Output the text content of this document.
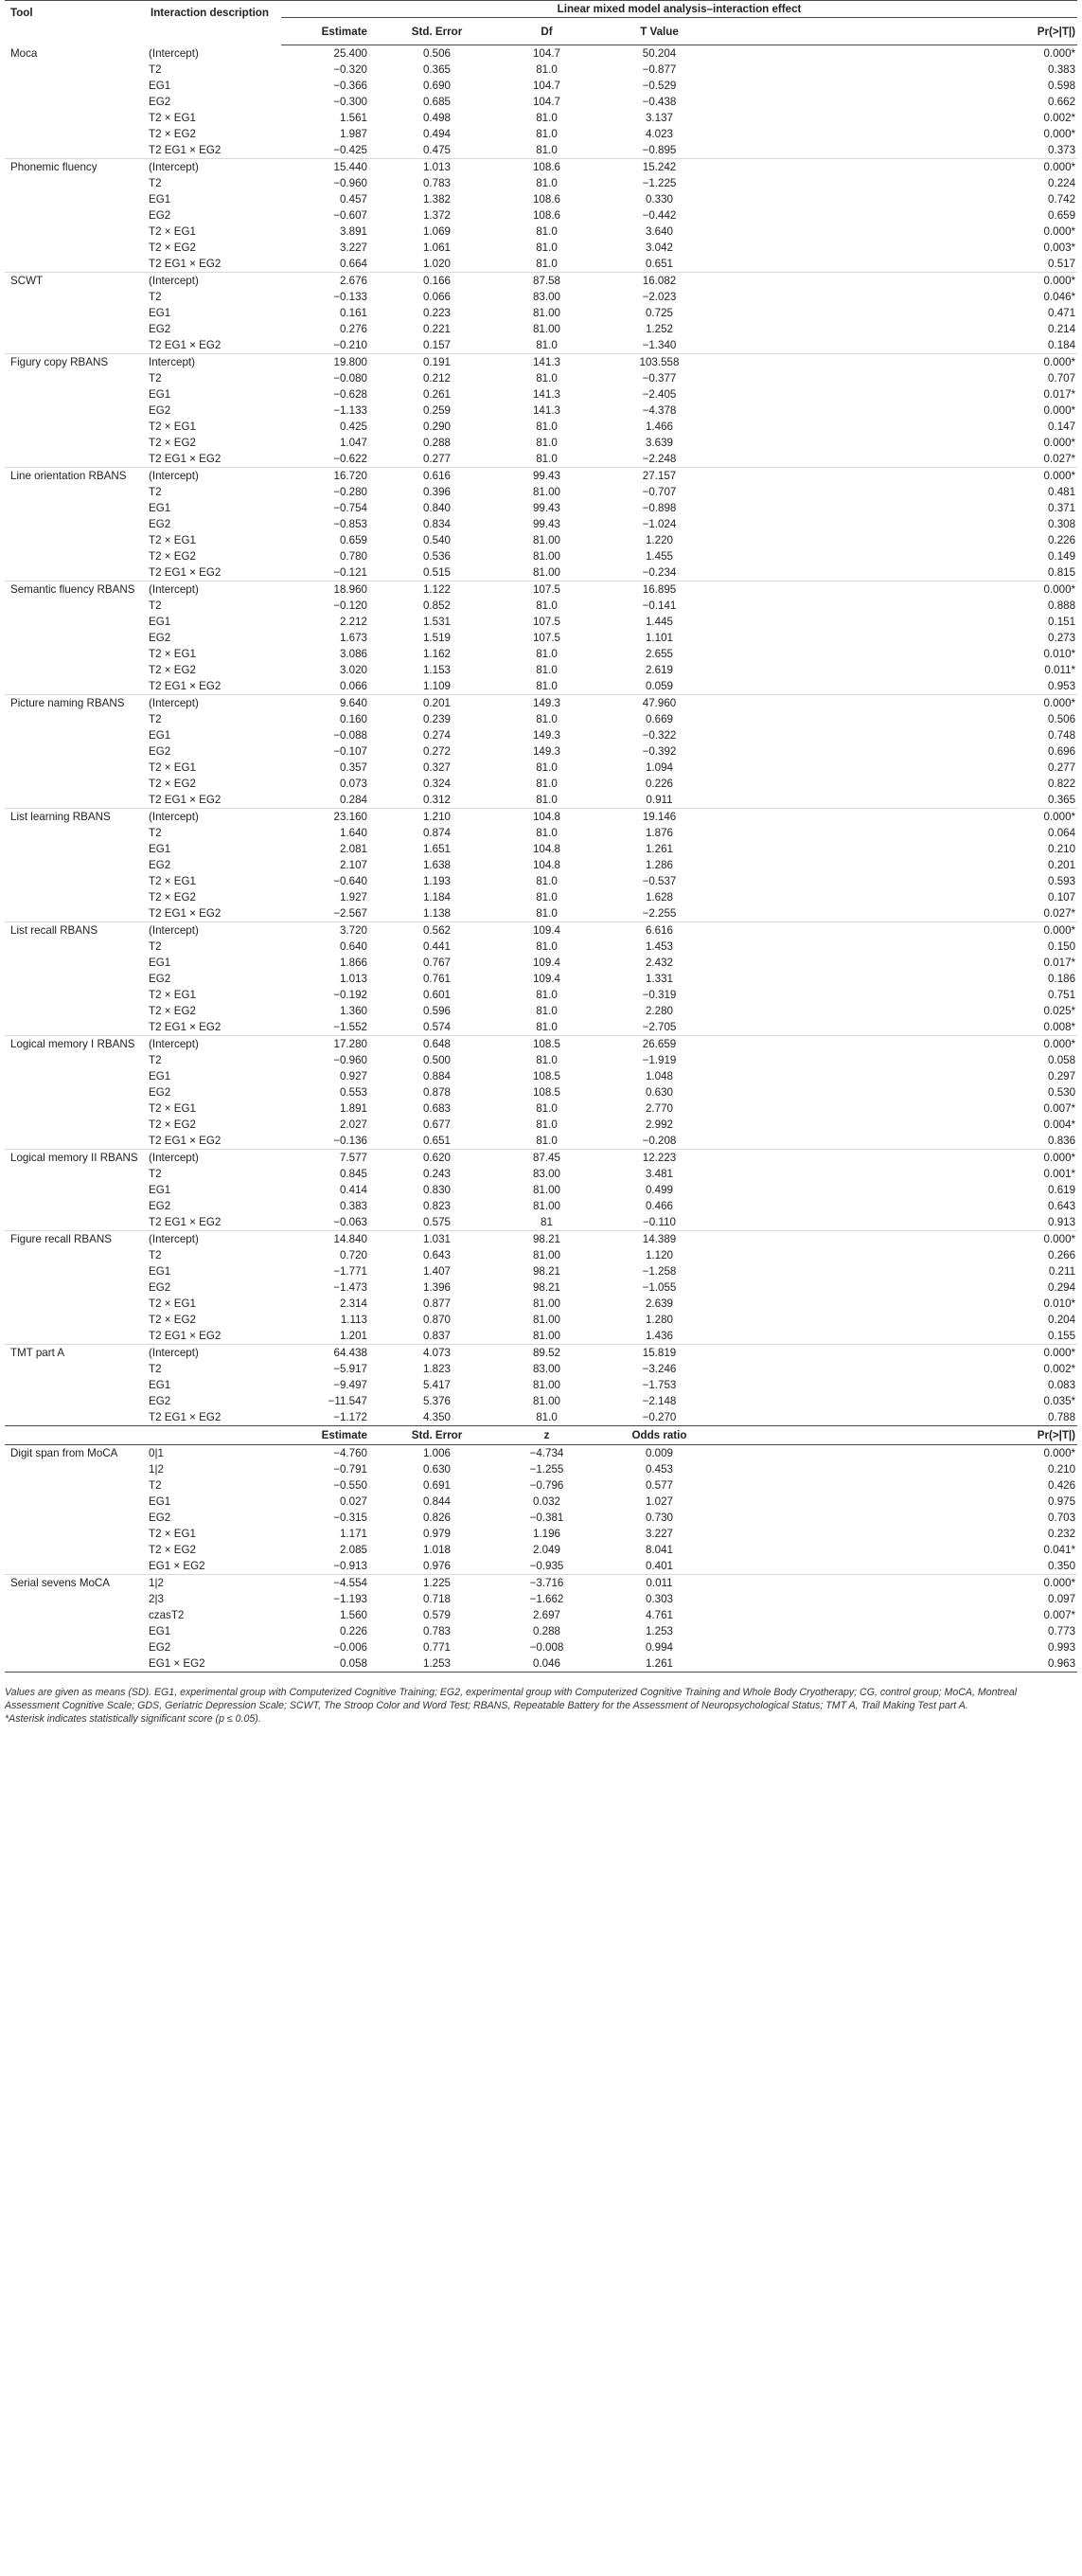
Tool	Interaction description	Linear mixed model analysis–interaction effect					
		Estimate	Std. Error	Df	T Value	Pr(>|T|)	
Moca	(Intercept)	25.400	0.506	104.7	50.204	0.000*	
	T2	−0.320	0.365	81.0	−0.877	0.383	
	EG1	−0.366	0.690	104.7	−0.529	0.598	
	EG2	−0.300	0.685	104.7	−0.438	0.662	
	T2 × EG1	1.561	0.498	81.0	3.137	0.002*	
	T2 × EG2	1.987	0.494	81.0	4.023	0.000*	
	T2 EG1 × EG2	−0.425	0.475	81.0	−0.895	0.373	
Phonemic fluency	(Intercept)	15.440	1.013	108.6	15.242	0.000*	
	T2	−0.960	0.783	81.0	−1.225	0.224	
	EG1	0.457	1.382	108.6	0.330	0.742	
	EG2	−0.607	1.372	108.6	−0.442	0.659	
	T2 × EG1	3.891	1.069	81.0	3.640	0.000*	
	T2 × EG2	3.227	1.061	81.0	3.042	0.003*	
	T2 EG1 × EG2	0.664	1.020	81.0	0.651	0.517	
SCWT	(Intercept)	2.676	0.166	87.58	16.082	0.000*	
	T2	−0.133	0.066	83.00	−2.023	0.046*	
	EG1	0.161	0.223	81.00	0.725	0.471	
	EG2	0.276	0.221	81.00	1.252	0.214	
	T2 EG1 × EG2	−0.210	0.157	81.0	−1.340	0.184	
Figury copy RBANS	Intercept)	19.800	0.191	141.3	103.558	0.000*	
	T2	−0.080	0.212	81.0	−0.377	0.707	
	EG1	−0.628	0.261	141.3	−2.405	0.017*	
	EG2	−1.133	0.259	141.3	−4.378	0.000*	
	T2 × EG1	0.425	0.290	81.0	1.466	0.147	
	T2 × EG2	1.047	0.288	81.0	3.639	0.000*	
	T2 EG1 × EG2	−0.622	0.277	81.0	−2.248	0.027*	
Line orientation RBANS	(Intercept)	16.720	0.616	99.43	27.157	0.000*	
	T2	−0.280	0.396	81.00	−0.707	0.481	
	EG1	−0.754	0.840	99.43	−0.898	0.371	
	EG2	−0.853	0.834	99.43	−1.024	0.308	
	T2 × EG1	0.659	0.540	81.00	1.220	0.226	
	T2 × EG2	0.780	0.536	81.00	1.455	0.149	
	T2 EG1 × EG2	−0.121	0.515	81.00	−0.234	0.815	
Semantic fluency RBANS	(Intercept)	18.960	1.122	107.5	16.895	0.000*	
	T2	−0.120	0.852	81.0	−0.141	0.888	
	EG1	2.212	1.531	107.5	1.445	0.151	
	EG2	1.673	1.519	107.5	1.101	0.273	
	T2 × EG1	3.086	1.162	81.0	2.655	0.010*	
	T2 × EG2	3.020	1.153	81.0	2.619	0.011*	
	T2 EG1 × EG2	0.066	1.109	81.0	0.059	0.953	
Picture naming RBANS	(Intercept)	9.640	0.201	149.3	47.960	0.000*	
	T2	0.160	0.239	81.0	0.669	0.506	
	EG1	−0.088	0.274	149.3	−0.322	0.748	
	EG2	−0.107	0.272	149.3	−0.392	0.696	
	T2 × EG1	0.357	0.327	81.0	1.094	0.277	
	T2 × EG2	0.073	0.324	81.0	0.226	0.822	
	T2 EG1 × EG2	0.284	0.312	81.0	0.911	0.365	
List learning RBANS	(Intercept)	23.160	1.210	104.8	19.146	0.000*	
	T2	1.640	0.874	81.0	1.876	0.064	
	EG1	2.081	1.651	104.8	1.261	0.210	
	EG2	2.107	1.638	104.8	1.286	0.201	
	T2 × EG1	−0.640	1.193	81.0	−0.537	0.593	
	T2 × EG2	1.927	1.184	81.0	1.628	0.107	
	T2 EG1 × EG2	−2.567	1.138	81.0	−2.255	0.027*	
List recall RBANS	(Intercept)	3.720	0.562	109.4	6.616	0.000*	
	T2	0.640	0.441	81.0	1.453	0.150	
	EG1	1.866	0.767	109.4	2.432	0.017*	
	EG2	1.013	0.761	109.4	1.331	0.186	
	T2 × EG1	−0.192	0.601	81.0	−0.319	0.751	
	T2 × EG2	1.360	0.596	81.0	2.280	0.025*	
	T2 EG1 × EG2	−1.552	0.574	81.0	−2.705	0.008*	
Logical memory I RBANS	(Intercept)	17.280	0.648	108.5	26.659	0.000*	
	T2	−0.960	0.500	81.0	−1.919	0.058	
	EG1	0.927	0.884	108.5	1.048	0.297	
	EG2	0.553	0.878	108.5	0.630	0.530	
	T2 × EG1	1.891	0.683	81.0	2.770	0.007*	
	T2 × EG2	2.027	0.677	81.0	2.992	0.004*	
	T2 EG1 × EG2	−0.136	0.651	81.0	−0.208	0.836	
Logical memory II RBANS	(Intercept)	7.577	0.620	87.45	12.223	0.000*	
	T2	0.845	0.243	83.00	3.481	0.001*	
	EG1	0.414	0.830	81.00	0.499	0.619	
	EG2	0.383	0.823	81.00	0.466	0.643	
	T2 EG1 × EG2	−0.063	0.575	81	−0.110	0.913	
Figure recall RBANS	(Intercept)	14.840	1.031	98.21	14.389	0.000*	
	T2	0.720	0.643	81.00	1.120	0.266	
	EG1	−1.771	1.407	98.21	−1.258	0.211	
	EG2	−1.473	1.396	98.21	−1.055	0.294	
	T2 × EG1	2.314	0.877	81.00	2.639	0.010*	
	T2 × EG2	1.113	0.870	81.00	1.280	0.204	
	T2 EG1 × EG2	1.201	0.837	81.00	1.436	0.155	
TMT part A	(Intercept)	64.438	4.073	89.52	15.819	0.000*	
	T2	−5.917	1.823	83.00	−3.246	0.002*	
	EG1	−9.497	5.417	81.00	−1.753	0.083	
	EG2	−11.547	5.376	81.00	−2.148	0.035*	
	T2 EG1 × EG2	−1.172	4.350	81.0	−0.270	0.788	
		Estimate	Std. Error	z	Odds ratio	Pr(>|T|)	
Digit span from MoCA	0|1	−4.760	1.006	−4.734	0.009	0.000*	
	1|2	−0.791	0.630	−1.255	0.453	0.210	
	T2	−0.550	0.691	−0.796	0.577	0.426	
	EG1	0.027	0.844	0.032	1.027	0.975	
	EG2	−0.315	0.826	−0.381	0.730	0.703	
	T2 × EG1	1.171	0.979	1.196	3.227	0.232	
	T2 × EG2	2.085	1.018	2.049	8.041	0.041*	
	EG1 × EG2	−0.913	0.976	−0.935	0.401	0.350	
Serial sevens MoCA	1|2	−4.554	1.225	−3.716	0.011	0.000*	
	2|3	−1.193	0.718	−1.662	0.303	0.097	
	czasT2	1.560	0.579	2.697	4.761	0.007*	
	EG1	0.226	0.783	0.288	1.253	0.773	
	EG2	−0.006	0.771	−0.008	0.994	0.993	
	EG1 × EG2	0.058	1.253	0.046	1.261	0.963	

Values are given as means (SD). EG1, experimental group with Computerized Cognitive Training; EG2, experimental group with Computerized Cognitive Training and Whole Body Cryotherapy; CG, control group; MoCA, Montreal Assessment Cognitive Scale; GDS, Geriatric Depression Scale; SCWT, The Stroop Color and Word Test; RBANS, Repeatable Battery for the Assessment of Neuropsychological Status; TMT A, Trail Making Test part A.

*Asterisk indicates statistically significant score (p ≤ 0.05).
